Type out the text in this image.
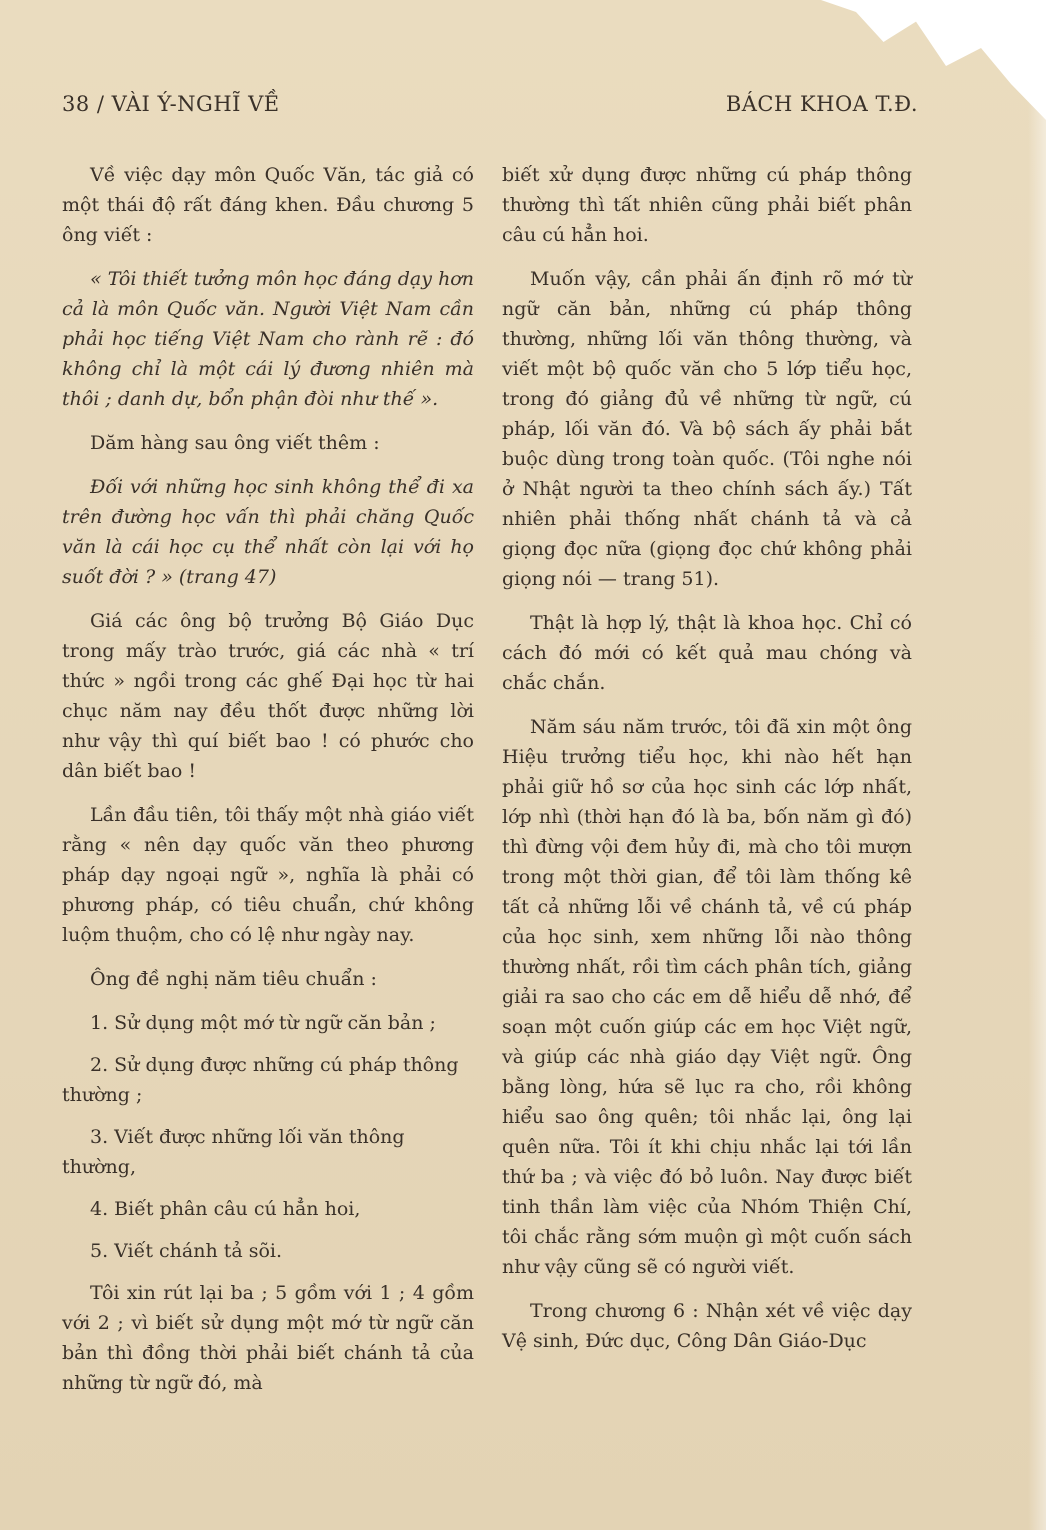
38 / VÀI Ý-NGHĨ VỀ	BÁCH KHOA T.Đ.

Về việc dạy môn Quốc Văn, tác giả có một thái độ rất đáng khen. Đầu chương 5 ông viết :

« Tôi thiết tưởng môn học đáng dạy hơn cả là môn Quốc văn. Người Việt Nam cần phải học tiếng Việt Nam cho rành rẽ : đó không chỉ là một cái lý đương nhiên mà thôi ; danh dự, bổn phận đòi như thế ».

Dăm hàng sau ông viết thêm :

Đối với những học sinh không thể đi xa trên đường học vấn thì phải chăng Quốc văn là cái học cụ thể nhất còn lại với họ suốt đời ? » (trang 47)

Giá các ông bộ trưởng Bộ Giáo Dục trong mấy trào trước, giá các nhà « trí thức » ngồi trong các ghế Đại học từ hai chục năm nay đều thốt được những lời như vậy thì quí biết bao ! có phước cho dân biết bao !

Lần đầu tiên, tôi thấy một nhà giáo viết rằng « nên dạy quốc văn theo phương pháp dạy ngoại ngữ », nghĩa là phải có phương pháp, có tiêu chuẩn, chứ không luộm thuộm, cho có lệ như ngày nay.

Ông đề nghị năm tiêu chuẩn :

1. Sử dụng một mớ từ ngữ căn bản ;

2. Sử dụng được những cú pháp thông thường ;

3. Viết được những lối văn thông thường,

4. Biết phân câu cú hẳn hoi,

5. Viết chánh tả sõi.

Tôi xin rút lại ba ; 5 gồm với 1 ; 4 gồm với 2 ; vì biết sử dụng một mớ từ ngữ căn bản thì đồng thời phải biết chánh tả của những từ ngữ đó, mà

biết xử dụng được những cú pháp thông thường thì tất nhiên cũng phải biết phân câu cú hẳn hoi.

Muốn vậy, cần phải ấn định rõ mớ từ ngữ căn bản, những cú pháp thông thường, những lối văn thông thường, và viết một bộ quốc văn cho 5 lớp tiểu học, trong đó giảng đủ về những từ ngữ, cú pháp, lối văn đó. Và bộ sách ấy phải bắt buộc dùng trong toàn quốc. (Tôi nghe nói ở Nhật người ta theo chính sách ấy.) Tất nhiên phải thống nhất chánh tả và cả giọng đọc nữa (giọng đọc chứ không phải giọng nói — trang 51).

Thật là hợp lý, thật là khoa học. Chỉ có cách đó mới có kết quả mau chóng và chắc chắn.

Năm sáu năm trước, tôi đã xin một ông Hiệu trưởng tiểu học, khi nào hết hạn phải giữ hồ sơ của học sinh các lớp nhất, lớp nhì (thời hạn đó là ba, bốn năm gì đó) thì đừng vội đem hủy đi, mà cho tôi mượn trong một thời gian, để tôi làm thống kê tất cả những lỗi về chánh tả, về cú pháp của học sinh, xem những lỗi nào thông thường nhất, rồi tìm cách phân tích, giảng giải ra sao cho các em dễ hiểu dễ nhớ, để soạn một cuốn giúp các em học Việt ngữ, và giúp các nhà giáo dạy Việt ngữ. Ông bằng lòng, hứa sẽ lục ra cho, rồi không hiểu sao ông quên; tôi nhắc lại, ông lại quên nữa. Tôi ít khi chịu nhắc lại tới lần thứ ba ; và việc đó bỏ luôn. Nay được biết tinh thần làm việc của Nhóm Thiện Chí, tôi chắc rằng sớm muộn gì một cuốn sách như vậy cũng sẽ có người viết.

Trong chương 6 : Nhận xét về việc dạy Vệ sinh, Đức dục, Công Dân Giáo-Dục
